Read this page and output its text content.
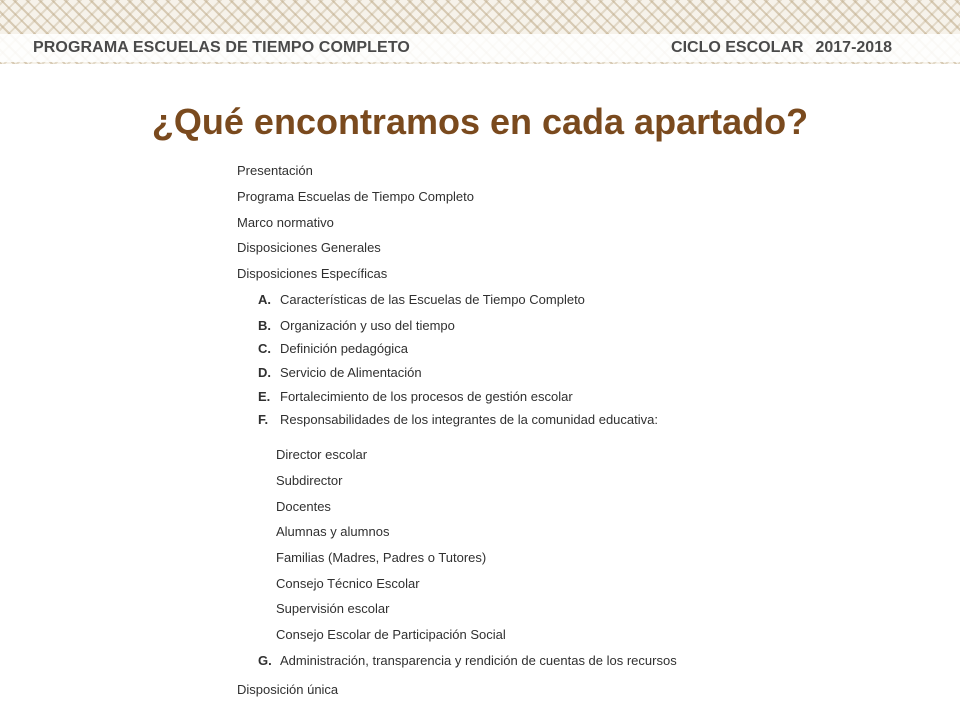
PROGRAMA ESCUELAS DE TIEMPO COMPLETO	CICLO ESCOLAR 2017-2018
¿Qué encontramos en cada apartado?
Presentación
Programa Escuelas de Tiempo Completo
Marco normativo
Disposiciones Generales
Disposiciones Específicas
A. Características de las Escuelas de Tiempo Completo
B. Organización y uso del tiempo
C. Definición pedagógica
D. Servicio de Alimentación
E. Fortalecimiento de los procesos de gestión escolar
F. Responsabilidades de los integrantes de la comunidad educativa:
Director escolar
Subdirector
Docentes
Alumnas y alumnos
Familias (Madres, Padres o Tutores)
Consejo Técnico Escolar
Supervisión escolar
Consejo Escolar de Participación Social
G. Administración, transparencia y rendición de cuentas de los recursos
Disposición única
